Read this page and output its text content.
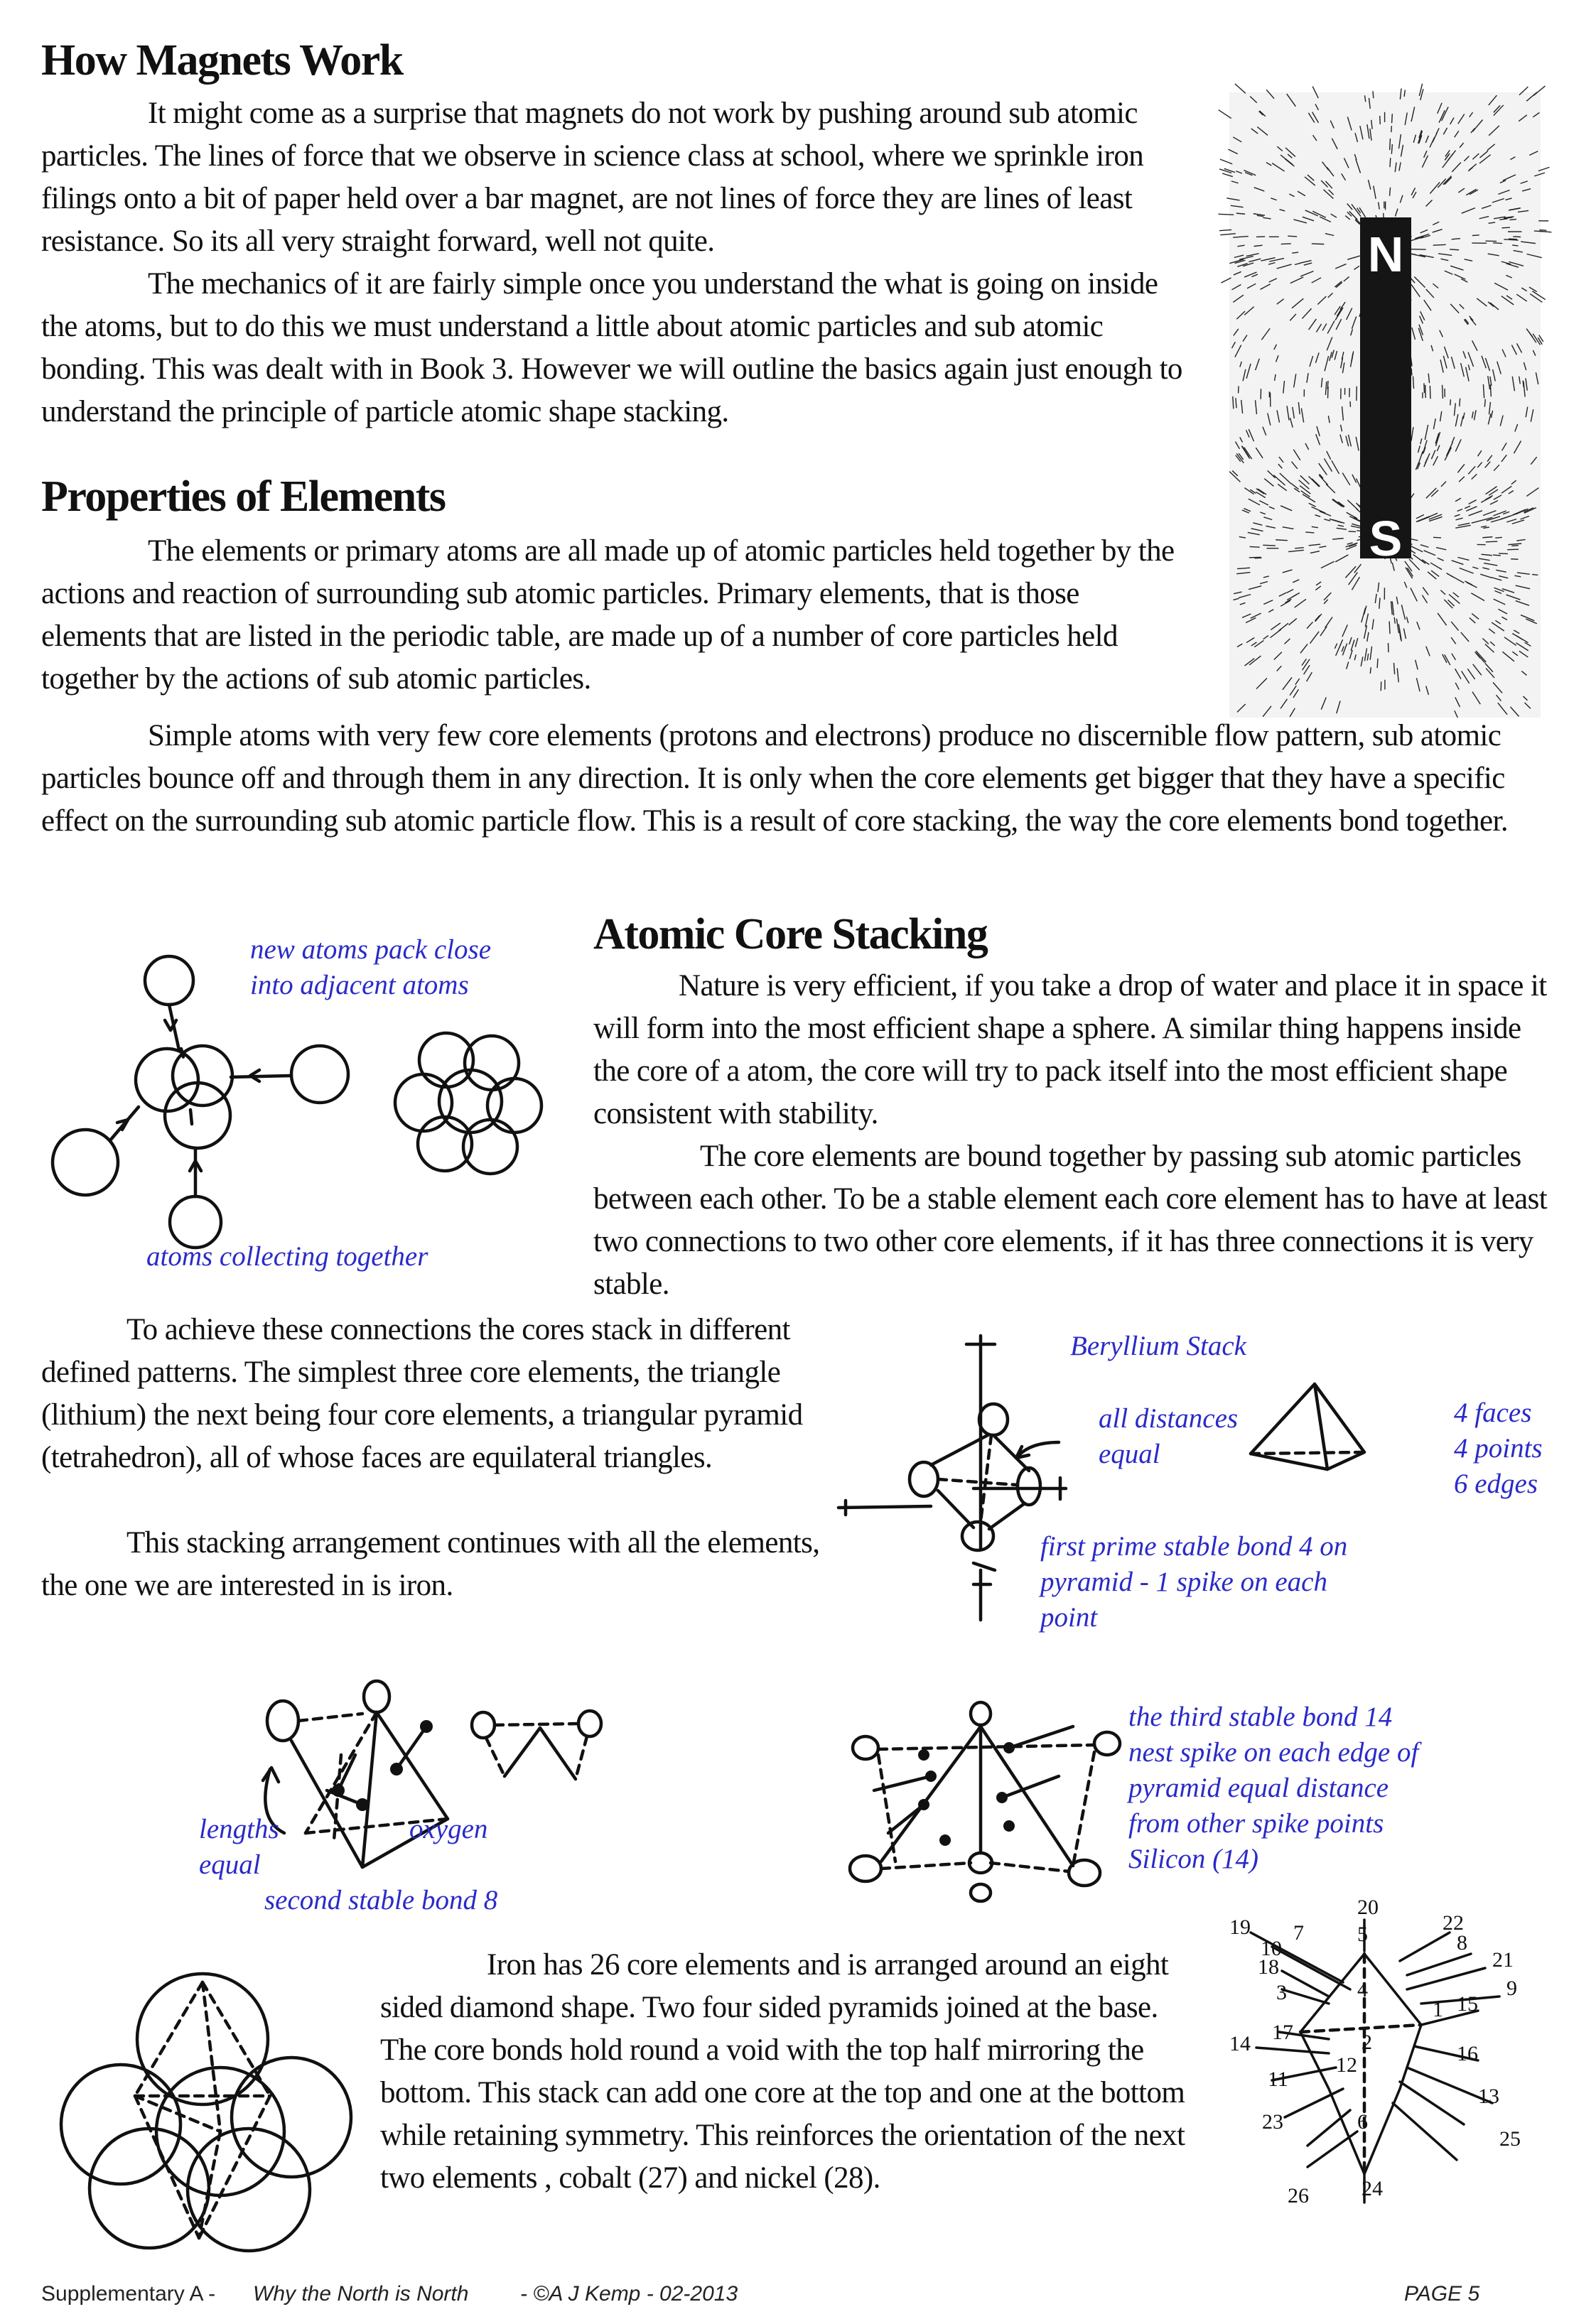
How Magnets Work

It might come as a surprise that magnets do not work by pushing around sub atomic particles. The lines of force that we observe in science class at school, where we sprinkle iron filings onto a bit of paper held over a bar magnet, are not lines of force they are lines of least resistance. So its all very straight forward, well not quite.

The mechanics of it are fairly simple once you understand the what is going on inside the atoms, but to do this we must understand a little about atomic particles and sub atomic bonding. This was dealt with in Book 3. However we will outline the basics again just enough to understand the principle of particle atomic shape stacking.

N
S
Properties of Elements

The elements or primary atoms are all made up of atomic particles held together by the actions and reaction of surrounding sub atomic particles. Primary elements, that is those elements that are listed in the periodic table, are made up of a number of core particles held together by the actions of sub atomic particles.

Simple atoms with very few core elements (protons and electrons) produce no discernible flow pattern, sub atomic particles bounce off and through them in any direction. It is only when the core elements get bigger that they have a specific effect on the surrounding sub atomic particle flow. This is a result of core stacking, the way the core elements bond together.

new atoms pack close
into adjacent atoms
atoms collecting together
Atomic Core Stacking

Nature is very efficient, if you take a drop of water and place it in space it will form into the most efficient shape a sphere. A similar thing happens inside the core of a atom, the core will try to pack itself into the most efficient shape consistent with stability.

The core elements are bound together by passing sub atomic particles between each other. To be a stable element each core element has to have at least two connections to two other core elements, if it has three connections it is very stable.

To achieve these connections the cores stack in different defined patterns. The simplest three core elements, the triangle (lithium) the next being four core elements, a triangular pyramid (tetrahedron), all of whose faces are equilateral triangles.

This stacking arrangement continues with all the elements, the one we are interested in is iron.

Beryllium Stack
all distances
equal
4 faces
4 points
6 edges
first prime stable bond 4 on
pyramid - 1 spike on each
point
lengths
equal
oxygen
second stable bond 8
the third stable bond 14
nest spike on each edge of
pyramid equal distance
from other spike points
Silicon (14)

Iron has 26 core elements and is arranged around an eight sided diamond shape. Two four sided pyramids joined at the base. The core bonds hold round a void with the top half mirroring the bottom. This stack can add one core at the top and one at the bottom while retaining symmetry. This reinforces the orientation of the next two elements , cobalt (27) and nickel (28).

20
19 7	5	22
8
21
10
18
4	9
3	15
1
14	2
17
16
11
12
13
23	6
25
26 24
Supplementary A - Why the North is North - ©A J Kemp - 02-2013	PAGE 5
